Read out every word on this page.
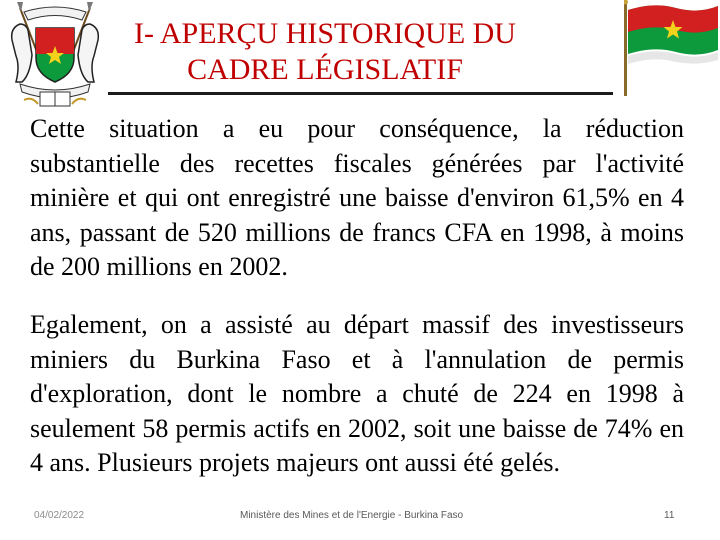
I- APERÇU HISTORIQUE DU
CADRE LÉGISLATIF
Cette situation a eu pour conséquence, la réduction substantielle des recettes fiscales générées par l'activité minière et qui ont enregistré une baisse d'environ 61,5% en 4 ans, passant de 520 millions de francs CFA en 1998, à moins de 200 millions en 2002.
Egalement, on a assisté au départ massif des investisseurs miniers du Burkina Faso et à l'annulation de permis d'exploration, dont le nombre a chuté de 224 en 1998 à seulement 58 permis actifs en 2002, soit une baisse de 74% en 4 ans. Plusieurs projets majeurs ont aussi été gelés.
04/02/2022	Ministère des Mines et de l'Energie - Burkina Faso	11
